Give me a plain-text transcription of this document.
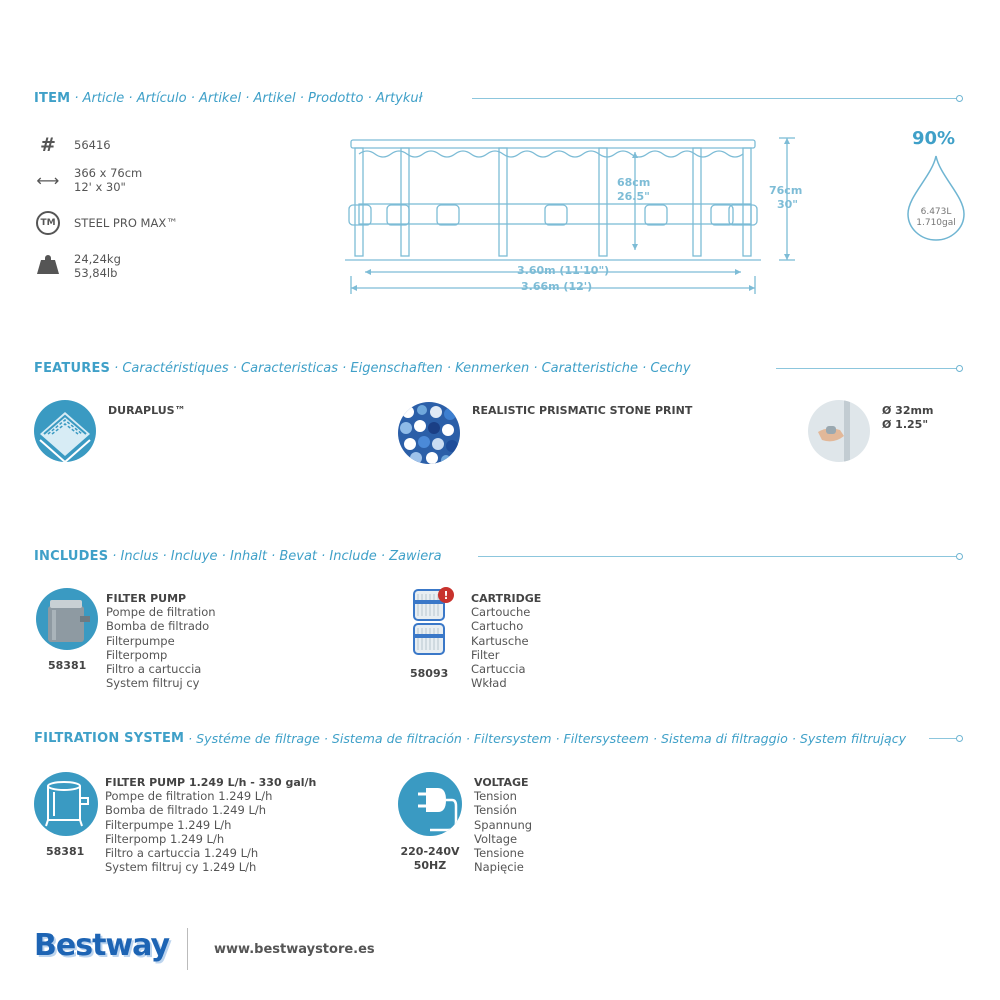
ITEM · Article · Artículo · Artikel · Artikel · Prodotto · Artykuł
#	56416
⟷ 366 x 76cm
12' x 30"
TM	STEEL PRO MAX™
24,24kg
53,84lb
68cm
26.5"	76cm
30"
3.60m (11'10")
3.66m (12')
90%
6.473L
1.710gal
FEATURES · Caractéristiques · Caracteristicas · Eigenschaften · Kenmerken · Caratteristiche · Cechy
DURAPLUS™	REALISTIC PRISMATIC STONE PRINT	Ø 32mm
Ø 1.25"
INCLUDES · Inclus · Incluye · Inhalt · Bevat · Include · Zawiera
58381
FILTER PUMP
Pompe de filtration
Bomba de filtrado
Filterpumpe
Filterpomp
Filtro a cartuccia
System filtruj cy
!
58093
CARTRIDGE
Cartouche
Cartucho
Kartusche
Filter
Cartuccia
Wkład
FILTRATION SYSTEM · Systéme de filtrage · Sistema de filtración · Filtersystem · Filtersysteem · Sistema di filtraggio · System filtrujący
58381
FILTER PUMP 1.249 L/h - 330 gal/h
Pompe de filtration 1.249 L/h
Bomba de filtrado 1.249 L/h
Filterpumpe 1.249 L/h
Filterpomp 1.249 L/h
Filtro a cartuccia 1.249 L/h
System filtruj cy 1.249 L/h
220-240V
50HZ
VOLTAGE
Tension
Tensión
Spannung
Voltage
Tensione
Napięcie
Bestway	www.bestwaystore.es
